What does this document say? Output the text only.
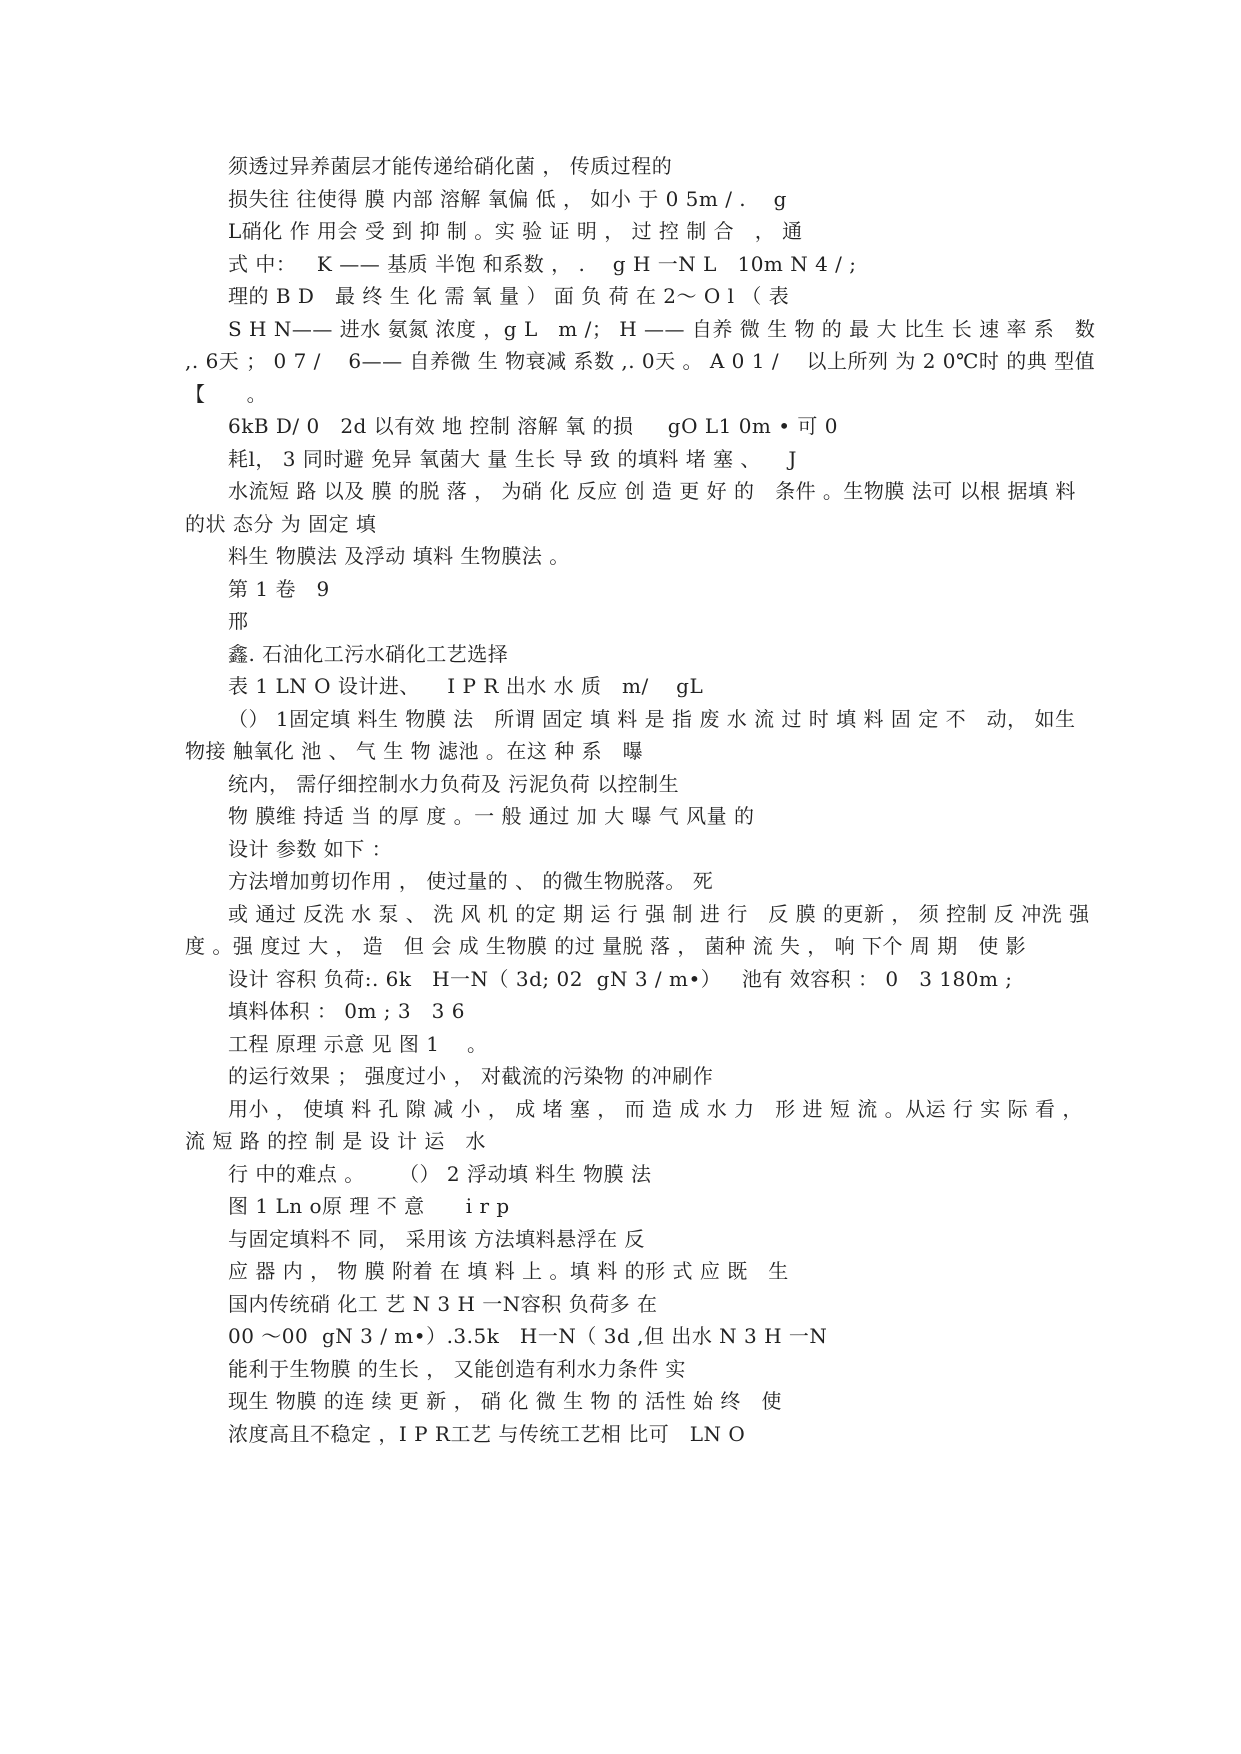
须透过异养菌层才能传递给硝化菌 ， 传质过程的

损失往 往使得 膜 内部 溶解 氧偏 低 ， 如小 于 0 5m / .    g

L硝化 作 用会 受 到 抑 制 。实 验 证 明 ， 过 控 制 合   ， 通

式 中：   K —— 基质 半饱 和系数 ， .    g H 一N L   10m N 4 / ;

理的 B D   最 终 生 化 需 氧 量 ） 面 负 荷 在 2～ O l （ 表

S H N—— 进水 氨氮 浓度 ，g L   m /； H —— 自养 微 生 物 的 最 大 比生 长 速 率 系   数 ,. 6天 ； 0 7 /    6—— 自养微 生 物衰减 系数 ,. 0天 。 A 0 1 /    以上所列 为 2 0℃时 的典 型值 【      。

6kB D/ 0   2d 以有效 地 控制 溶解 氧 的损     gO L1 0m • 可 0

耗l， 3 同时避 免异 氧菌大 量 生长 导 致 的填料 堵 塞 、    J

水流短 路 以及 膜 的脱 落 ， 为硝 化 反应 创 造 更 好 的   条件 。生物膜 法可 以根 据填 料 的状 态分 为 固定 填

料生 物膜法 及浮动 填料 生物膜法 。

第 1 卷   9

邢

鑫. 石油化工污水硝化工艺选择

表 1 LN O 设计进、    I P R 出水 水 质   m/    gL

（） 1固定填 料生 物膜 法   所谓 固定 填 料 是 指 废 水 流 过 时 填 料 固 定 不   动， 如生 物接 触氧化 池 、 气 生 物 滤池 。在这 种 系   曝

统内， 需仔细控制水力负荷及 污泥负荷 以控制生

物 膜维 持适 当 的厚 度 。一 般 通过 加 大 曝 气 风量 的

设计 参数 如下 ：

方法增加剪切作用 ， 使过量的 、 的微生物脱落。 死

或 通过 反洗 水 泵 、 洗 风 机 的定 期 运 行 强 制 进 行   反 膜 的更新 ， 须 控制 反 冲洗 强度 。强 度过 大 ， 造   但 会 成 生物膜 的过 量脱 落 ， 菌种 流 失 ， 响 下个 周 期   使 影

设计 容积 负荷:. 6k   H一N（ 3d; 02  gN 3 / m•）   池有 效容积 ： 0   3 180m ;

填料体积 ： 0m ; 3   3 6

工程 原理 示意 见 图 1    。

的运行效果 ； 强度过小 ， 对截流的污染物 的冲刷作

用小 ， 使填 料 孔 隙 减 小 ， 成 堵 塞 ， 而 造 成 水 力   形 进 短 流 。从运 行 实 际 看 ， 流 短 路 的控 制 是 设 计 运   水

行 中的难点 。     （） 2 浮动填 料生 物膜 法

图 1 Ln o原 理 不 意      i r p

与固定填料不 同， 采用该 方法填料悬浮在 反

应 器 内 ， 物 膜 附着 在 填 料 上 。填 料 的形 式 应 既   生

国内传统硝 化工 艺 N 3 H 一N容积 负荷多 在

00 ～00  gN 3 / m•）.3.5k   H一N（ 3d ,但 出水 N 3 H 一N

能利于生物膜 的生长 ， 又能创造有利水力条件 实

现生 物膜 的连 续 更 新 ， 硝 化 微 生 物 的 活性 始 终   使

浓度高且不稳定 ，I P R工艺 与传统工艺相 比可   LN O
